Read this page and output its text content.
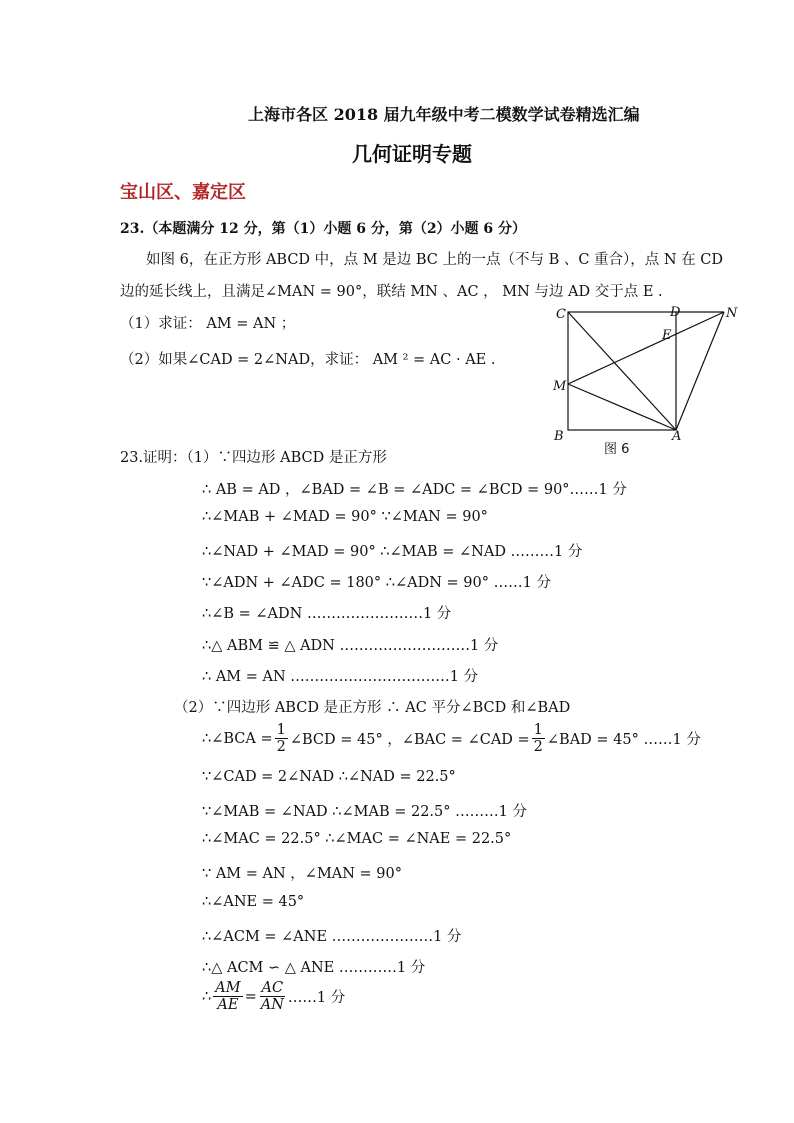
上海市各区 2018 届九年级中考二模数学试卷精选汇编
几何证明专题
宝山区、嘉定区
23.（本题满分 12 分，第（1）小题 6 分，第（2）小题 6 分）
如图 6，在正方形 ABCD 中，点 M 是边 BC 上的一点（不与 B 、C 重合），点 N 在 CD
边的延长线上，且满足∠MAN = 90°，联结 MN 、AC ， MN 与边 AD 交于点 E .
（1）求证： AM = AN ；
（2）如果∠CAD = 2∠NAD，求证： AM ² = AC · AE .
C	D	N
E
M
B	A
图 6
23.证明：（1）∵四边形 ABCD 是正方形
∴ AB = AD ，∠BAD = ∠B = ∠ADC = ∠BCD = 90°……1 分
∴∠MAB + ∠MAD = 90° ∵∠MAN = 90°
∴∠NAD + ∠MAD = 90° ∴∠MAB = ∠NAD ………1 分
∵∠ADN + ∠ADC = 180° ∴∠ADN = 90° ……1 分
∴∠B = ∠ADN ……………………1 分
∴△ ABM ≌ △ ADN ………………………1 分
∴ AM = AN ……………………………1 分
（2）∵四边形 ABCD 是正方形 ∴ AC 平分∠BCD 和∠BAD
∴∠BCA = $\frac{1}{2}$ ∠BCD = 45° ，∠BAC = ∠CAD = $\frac{1}{2}$ ∠BAD = 45° ……1 分
∵∠CAD = 2∠NAD ∴∠NAD = 22.5°
∵∠MAB = ∠NAD ∴∠MAB = 22.5° ………1 分
∴∠MAC = 22.5° ∴∠MAC = ∠NAE = 22.5°
∵ AM = AN ，∠MAN = 90°
∴∠ANE = 45°
∴∠ACM = ∠ANE …………………1 分
∴△ ACM ∽ △ ANE …………1 分
∴ $\frac{AM}{AE} = \frac{AC}{AN}$ ……1 分
